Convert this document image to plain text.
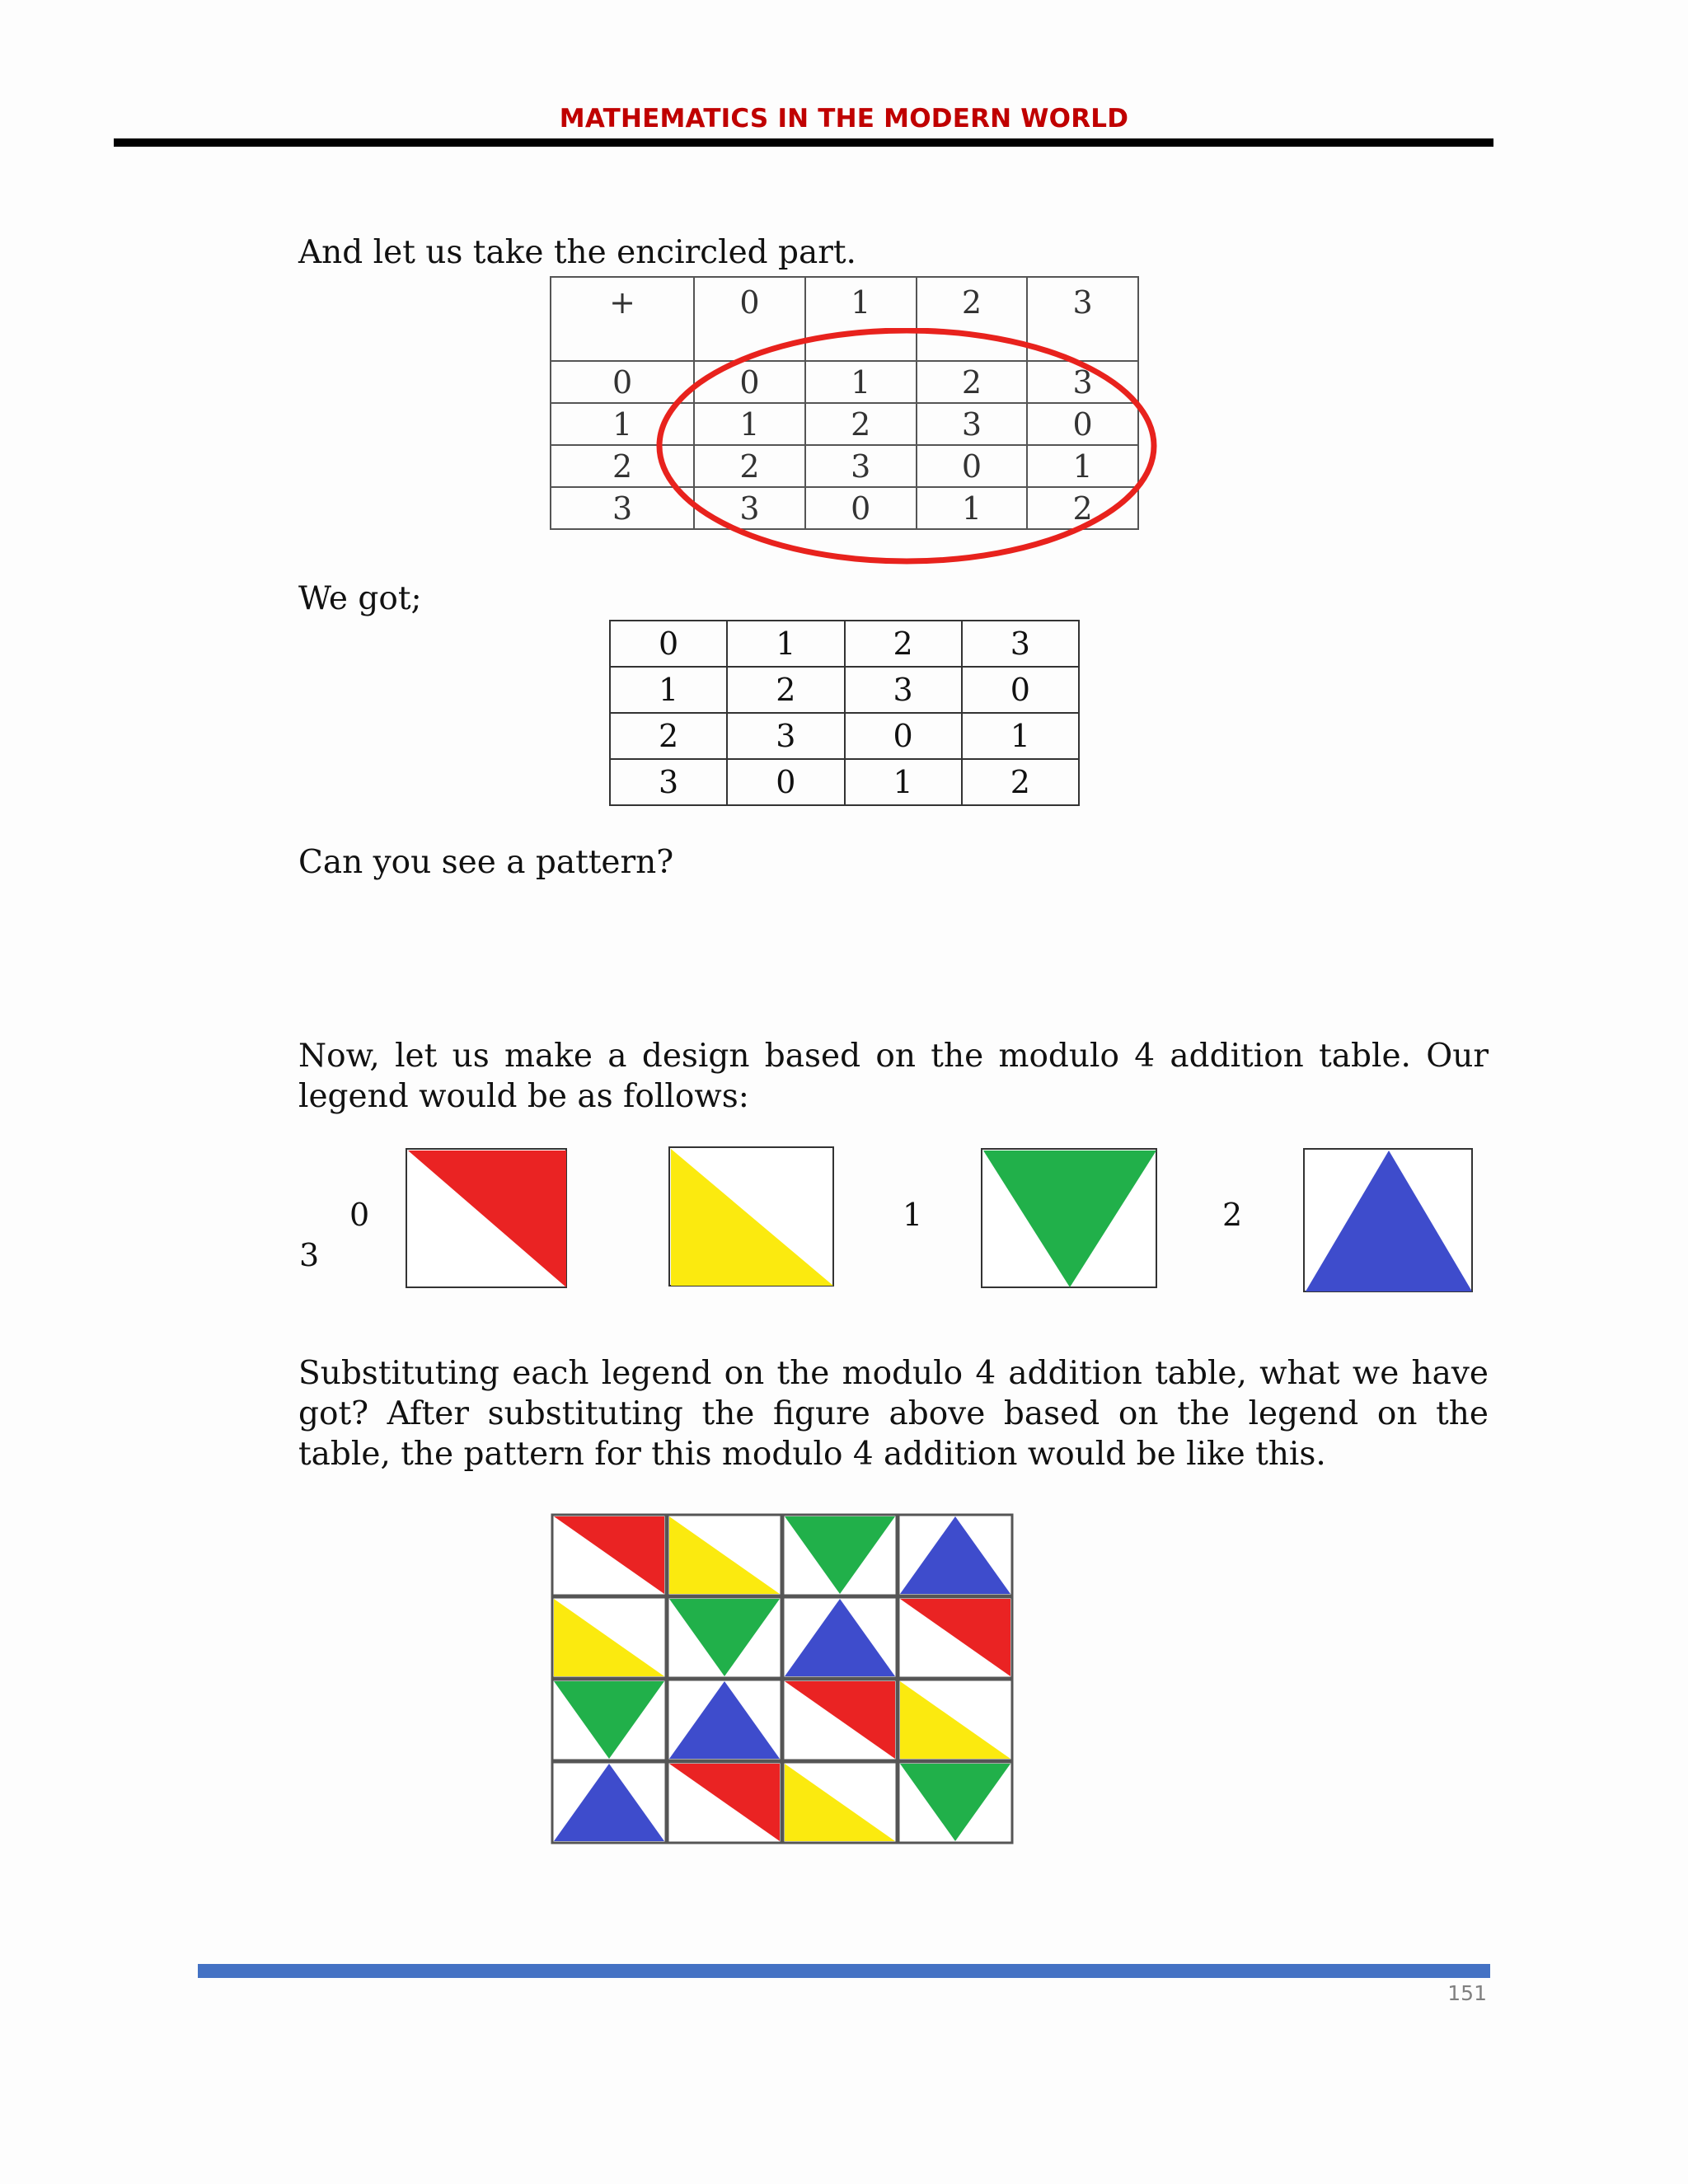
MATHEMATICS IN THE MODERN WORLD
And let us take the encircled part.
+	0	1	2	3
0	0	1	2	3
1	1	2	3	0
2	2	3	0	1
3	3	0	1	2
We got;
0	1	2	3
1	2	3	0
2	3	0	1
3	0	1	2
Can you see a pattern?
Now, let us make a design based on the modulo 4 addition table. Our legend would be as follows:
0	1	2
3
Substituting each legend on the modulo 4 addition table, what we have got? After substituting the figure above based on the legend on the table, the pattern for this modulo 4 addition would be like this.
151
